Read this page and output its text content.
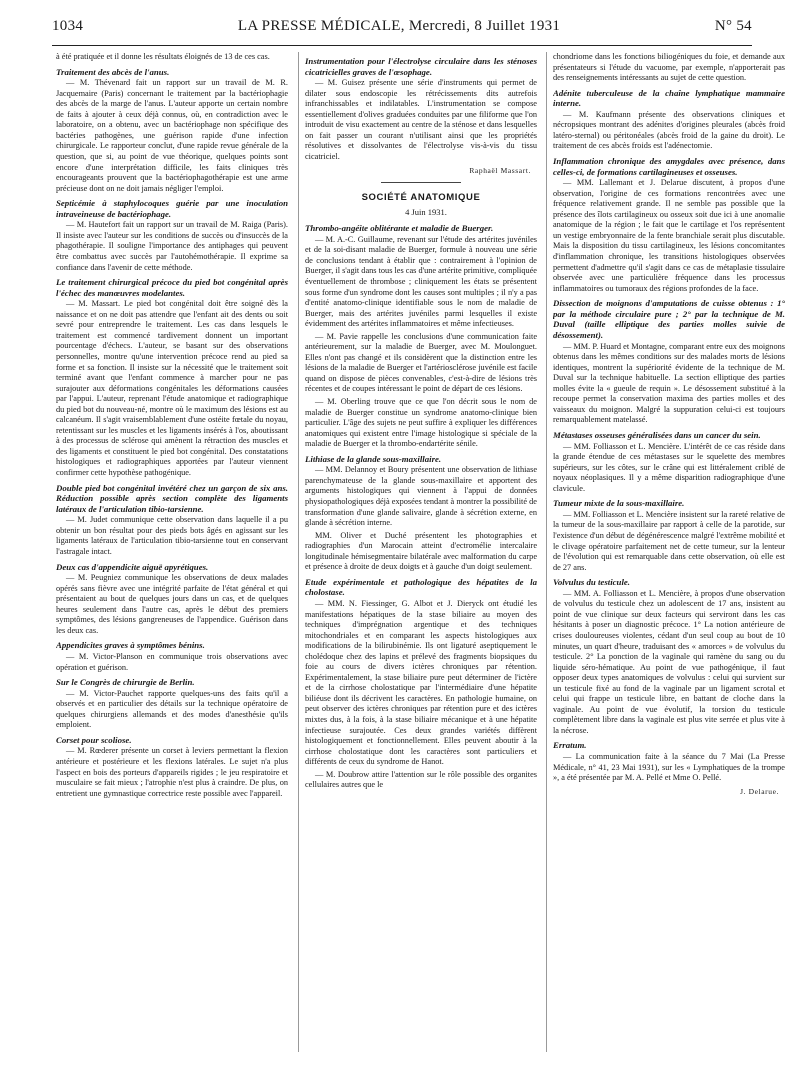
1034	LA PRESSE MÉDICALE, Mercredi, 8 Juillet 1931	N° 54

à été pratiquée et il donne les résultats éloignés de 13 de ces cas.

Traitement des abcès de l'anus.

— M. Thévenard fait un rapport sur un travail de M. R. Jacquemaire (Paris) concernant le traitement par la bactériophagie des abcès de la marge de l'anus. L'auteur apporte un certain nombre de faits à ajouter à ceux déjà connus, où, en contradiction avec le laboratoire, on a obtenu, avec un bactériophage non spécifique des bactéries pathogènes, une guérison rapide d'une infection chirurgicale. Le rapporteur conclut, d'une rapide revue générale de la question, que si, au point de vue théorique, quelques points sont encore d'une interprétation difficile, les faits cliniques très encourageants prouvent que la bactériophagothérapie est une arme précieuse dont on ne doit jamais négliger l'emploi.

Septicémie à staphylocoques guérie par une inoculation intraveineuse de bactériophage.

— M. Hautefort fait un rapport sur un travail de M. Raiga (Paris). Il insiste avec l'auteur sur les conditions de succès ou d'insuccès de la phagothérapie. Il souligne l'importance des antiphages qui peuvent être combattus avec succès par l'autohémothérapie. Il exprime sa confiance dans l'avenir de cette méthode.

Le traitement chirurgical précoce du pied bot congénital après l'échec des manœuvres modelantes.

— M. Massart. Le pied bot congénital doit être soigné dès la naissance et on ne doit pas attendre que l'enfant ait des dents ou soit sevré pour entreprendre le traitement. Les cas dans lesquels le traitement est commencé tardivement donnent un important pourcentage d'échecs. L'auteur, se basant sur des observations personnelles, montre qu'une intervention précoce rend au pied sa forme et sa fonction. Il insiste sur la nécessité que le traitement soit terminé avant que l'enfant commence à marcher pour ne pas surajouter aux déformations congénitales les déformations causées par l'appui. L'auteur, reprenant l'étude anatomique et radiographique du pied bot du nouveau-né, montre où le maximum des lésions est au calcanéum. Il s'agit vraisemblablement d'une ostéite fœtale du noyau, retentissant sur les muscles et les ligaments insérés à l'os, aboutissant à des processus de sclérose qui amènent la rétraction des muscles et des ligaments et constituent le pied bot congénital. Des constatations histologiques et radiographiques apportées par l'auteur viennent confirmer cette hypothèse pathogénique.

Double pied bot congénital invétéré chez un garçon de six ans. Réduction possible après section complète des ligaments latéraux de l'articulation tibio-tarsienne.

— M. Judet communique cette observation dans laquelle il a pu obtenir un bon résultat pour des pieds bots âgés en agissant sur les ligaments latéraux de l'articulation tibio-tarsienne tout en conservant l'astragale intact.

Deux cas d'appendicite aiguë apyrétiques.

— M. Peugniez communique les observations de deux malades opérés sans fièvre avec une intégrité parfaite de l'état général et qui présentaient au bout de quelques jours dans un cas, et de quelques heures seulement dans l'autre cas, après le début des premiers symptômes, des lésions gangreneuses de l'appendice. Guérison dans les deux cas.

Appendicites graves à symptômes bénins.

— M. Victor-Planson en communique trois observations avec opération et guérison.

Sur le Congrès de chirurgie de Berlin.

— M. Victor-Pauchet rapporte quelques-uns des faits qu'il a observés et en particulier des détails sur la technique opératoire de quelques chirurgiens allemands et des modes d'anesthésie qu'ils emploient.

Corset pour scoliose.

— M. Rœderer présente un corset à leviers permettant la flexion antérieure et postérieure et les flexions latérales. Le sujet n'a plus l'aspect en bois des porteurs d'appareils rigides ; le jeu respiratoire et musculaire se fait mieux ; l'atrophie n'est plus à craindre. De plus, on entretient une gymnastique correctrice reste possible avec l'appareil.

Instrumentation pour l'électrolyse circulaire dans les sténoses cicatricielles graves de l'œsophage.

— M. Guisez présente une série d'instruments qui permet de dilater sous endoscopie les rétrécissements dits autrefois infranchissables et indilatables. L'instrumentation se compose essentiellement d'olives graduées conduites par une filiforme que l'on introduit de visu exactement au centre de la sténose et dans lesquelles on fait passer un courant n'utilisant ainsi que les propriétés résolutives et dissolvantes de l'électrolyse vis-à-vis du tissu cicatriciel.

Raphaël Massart.

SOCIÉTÉ ANATOMIQUE

4 Juin 1931.

Thrombo-angéite oblitérante et maladie de Buerger.

— M. A.-C. Guillaume, revenant sur l'étude des artérites juvéniles et de la soi-disant maladie de Buerger, formule à nouveau une série de conclusions tendant à établir que : contrairement à l'opinion de Buerger, il s'agit dans tous les cas d'une artérite primitive, compliquée éventuellement de thrombose ; cliniquement les états se présentent sous forme d'un syndrome dont les causes sont multiples ; il n'y a pas d'entité anatomo-clinique identifiable sous le nom de maladie de Buerger, mais des artérites juvéniles parmi lesquelles il existe évidemment des artérites inflammatoires et même infectieuses.

— M. Pavie rappelle les conclusions d'une communication faite antérieurement, sur la maladie de Buerger, avec M. Moulonguet. Elles n'ont pas changé et ils considèrent que la distinction entre les lésions de la maladie de Buerger et l'artériosclérose juvénile est facile quand on dispose de pièces convenables, c'est-à-dire de lésions très récentes et de coupes intéressant le point de départ de ces lésions.

— M. Oberling trouve que ce que l'on décrit sous le nom de maladie de Buerger constitue un syndrome anatomo-clinique bien particulier. L'âge des sujets ne peut suffire à expliquer les différences anatomiques qui existent entre l'image histologique si spéciale de la maladie de Buerger et la thrombo-endartérite sénile.

Lithiase de la glande sous-maxillaire.

— MM. Delannoy et Boury présentent une observation de lithiase parenchymateuse de la glande sous-maxillaire et apportent des arguments histologiques qui viennent à l'appui de données physiopathologiques déjà exposées tendant à montrer la possibilité de transformation d'une glande salivaire, glande à sécrétion externe, en glande à sécrétion interne.

MM. Oliver et Duché présentent les photographies et radiographies d'un Marocain atteint d'ectromélie intercalaire longitudinale hémisegmentaire bilatérale avec malformation du carpe et présence à droite de deux doigts et à gauche d'un doigt seulement.

Etude expérimentale et pathologique des hépatites de la cholostase.

— MM. N. Fiessinger, G. Albot et J. Dieryck ont étudié les manifestations hépatiques de la stase biliaire au moyen des techniques d'imprégnation argentique et des techniques mitochondriales et en comparant les aspects histologiques aux modifications de la bilirubinémie. Ils ont ligaturé aseptiquement le cholédoque chez des lapins et prélevé des fragments biopsiques du foie au cours de divers ictères chroniques par rétention. Expérimentalement, la stase biliaire pure peut déterminer de l'ictère et de la cirrhose cholostatique par l'intermédiaire d'une hépatite biliéuse dont ils décrivent les caractères. En pathologie humaine, on peut observer des ictères chroniques par rétention pure et des ictères mixtes dus, à la fois, à la stase biliaire mécanique et à une hépatite infectieuse surajoutée. Ces deux grandes variétés diffèrent histologiquement et fonctionnellement. Elles peuvent aboutir à la cirrhose cholostatique dont les caractères sont particuliers et différents de ceux du syndrome de Hanot.

— M. Doubrow attire l'attention sur le rôle possible des organites cellulaires autres que le

chondriome dans les fonctions biliogéniques du foie, et demande aux présentateurs si l'étude du vacuome, par exemple, n'apporterait pas des renseignements intéressants au sujet de cette question.

Adénite tuberculeuse de la chaîne lymphatique mammaire interne.

— M. Kaufmann présente des observations cliniques et nécropsiques montrant des adénites d'origines pleurales (abcès froid latéro-sternal) ou péritonéales (abcès froid de la gaine du droit). Le traitement de ces abcès froids est l'adénectomie.

Inflammation chronique des amygdales avec présence, dans celles-ci, de formations cartilagineuses et osseuses.

— MM. Lallemant et J. Delarue discutent, à propos d'une observation, l'origine de ces formations rencontrées avec une fréquence relativement grande. Il ne semble pas possible que la présence des îlots cartilagineux ou osseux soit due ici à une anomalie anatomique de la région ; le fait que le cartilage et l'os représentent un vestige embryonnaire de la fente branchiale serait plus discutable. Mais la disposition du tissu cartilagineux, les lésions concomitantes d'inflammation chronique, les transitions histologiques observées permettent d'admettre qu'il s'agit dans ce cas de métaplasie tissulaire observée avec une particulière fréquence dans les processus inflammatoires ou tumoraux des régions profondes de la face.

Dissection de moignons d'amputations de cuisse obtenus : 1° par la méthode circulaire pure ; 2° par la technique de M. Duval (taille elliptique des parties molles suivie de désossement).

— MM. P. Huard et Montagne, comparant entre eux des moignons obtenus dans les mêmes conditions sur des malades morts de lésions identiques, montrent la supériorité évidente de la technique de M. Duval sur la technique habituelle. La section elliptique des parties molles évite la « gueule de requin ». Le désossement substitué à la recoupe permet la conservation maxima des parties molles et des vaisseaux du moignon. Malgré la suppuration celui-ci est toujours remarquablement matelassé.

Métastases osseuses généralisées dans un cancer du sein.

— MM. Folliasson et L. Mencière. L'intérêt de ce cas réside dans la grande étendue de ces métastases sur le squelette des membres supérieurs, sur les côtes, sur le crâne qui est littéralement criblé de noyaux néoplasiques. Il y a même disparition radiographique d'une clavicule.

Tumeur mixte de la sous-maxillaire.

— MM. Folliasson et L. Mencière insistent sur la rareté relative de la tumeur de la sous-maxillaire par rapport à celle de la parotide, sur l'existence d'un début de dégénérescence malgré l'extrême mobilité et le clivage opératoire parfaitement net de cette tumeur, sur la lenteur de l'évolution qui est remarquable dans cette observation, où elle est de 27 ans.

Volvulus du testicule.

— MM. A. Folliasson et L. Mencière, à propos d'une observation de volvulus du testicule chez un adolescent de 17 ans, insistent au point de vue clinique sur deux facteurs qui serviront dans les cas hésitants à poser un diagnostic précoce. 1° La notion antérieure de crises douloureuses violentes, cédant d'un seul coup au bout de 10 minutes, un quart d'heure, traduisant des « amorces » de volvulus du testicule. 2° La ponction de la vaginale qui ramène du sang ou du liquide séro-hématique. Au point de vue pathogénique, il faut opposer deux types anatomiques de volvulus : celui qui survient sur un testicule fixé au fond de la vaginale par un ligament scrotal et celui qui frappe un testicule libre, en battant de cloche dans la vaginale. Au point de vue évolutif, la torsion du testicule complètement libre dans la vaginale est plus vite serrée et plus vite à la nécrose.

Erratum.

— La communication faite à la séance du 7 Mai (La Presse Médicale, n° 41, 23 Mai 1931), sur les « Lymphatiques de la trompe », a été présentée par M. A. Pellé et Mme O. Pellé.

J. Delarue.
